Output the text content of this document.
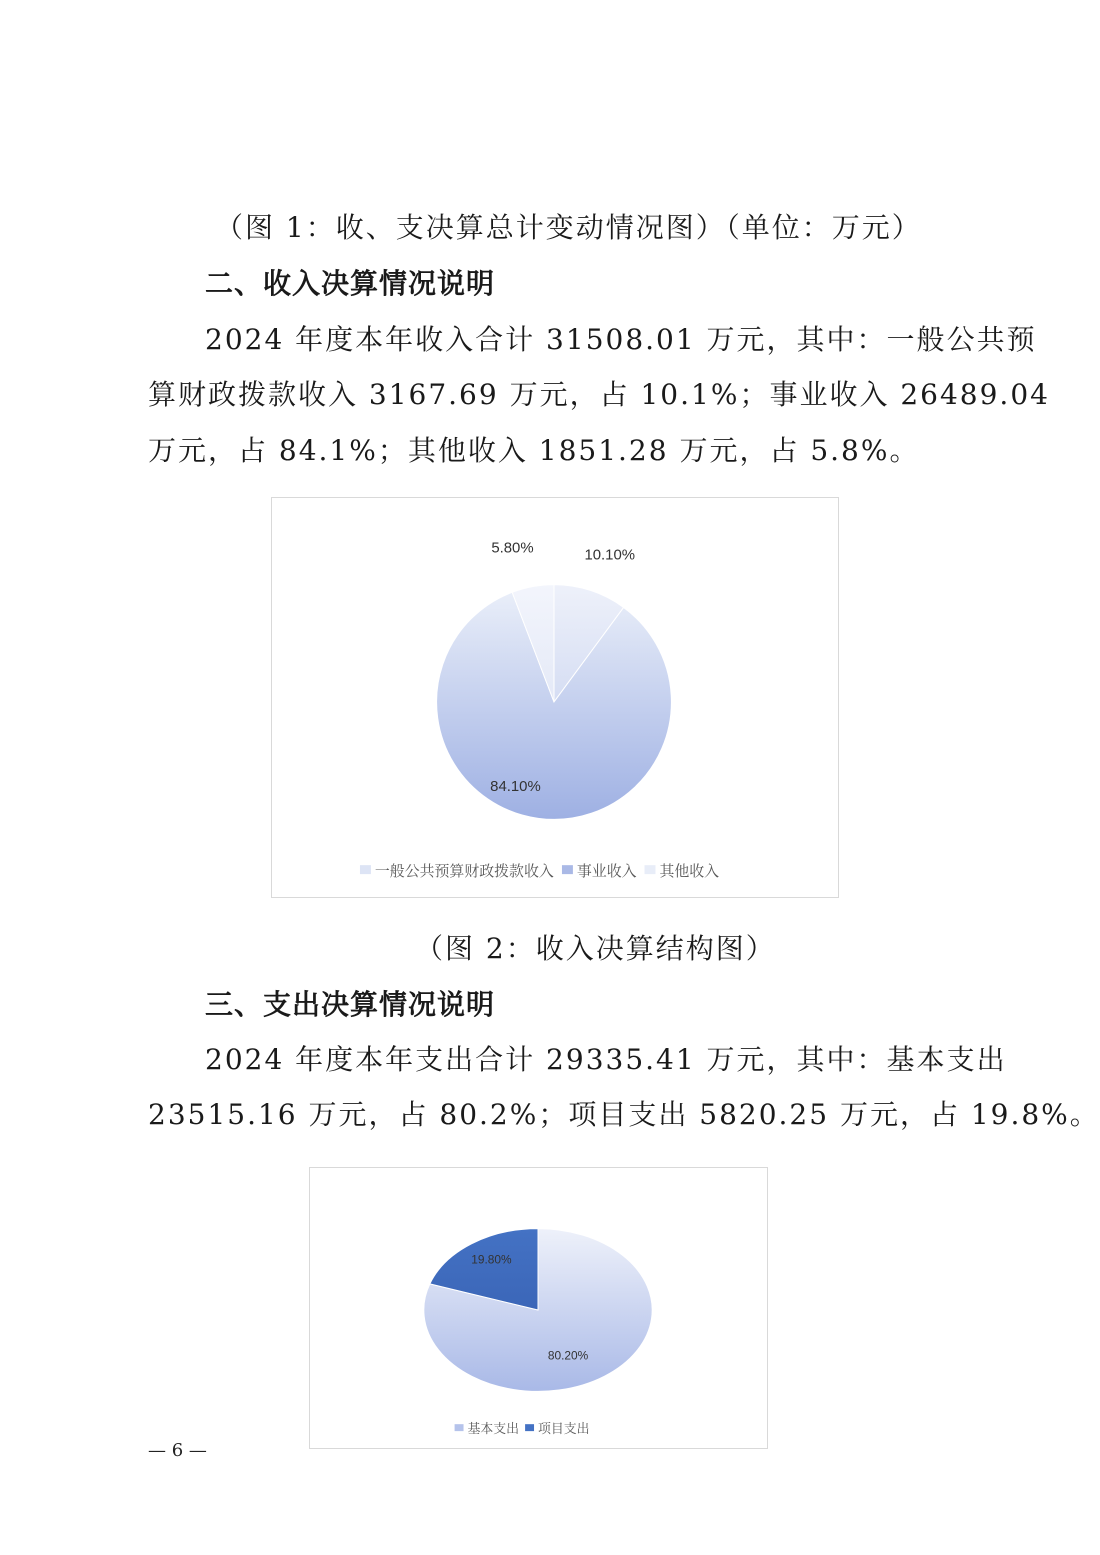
（图 1：收、支决算总计变动情况图）（单位：万元）
二、收入决算情况说明
2024 年度本年收入合计 31508.01 万元，其中：一般公共预
算财政拨款收入 3167.69 万元，占 10.1%；事业收入 26489.04
万元，占 84.1%；其他收入 1851.28 万元，占 5.8%。
10.10%
84.10%
5.80%
一般公共预算财政拨款收入 事业收入 其他收入
（图 2：收入决算结构图）
三、支出决算情况说明
2024 年度本年支出合计 29335.41 万元，其中：基本支出
23515.16 万元，占 80.2%；项目支出 5820.25 万元，占 19.8%。
80.20%
19.80%
基本支出 项目支出
— 6 —
